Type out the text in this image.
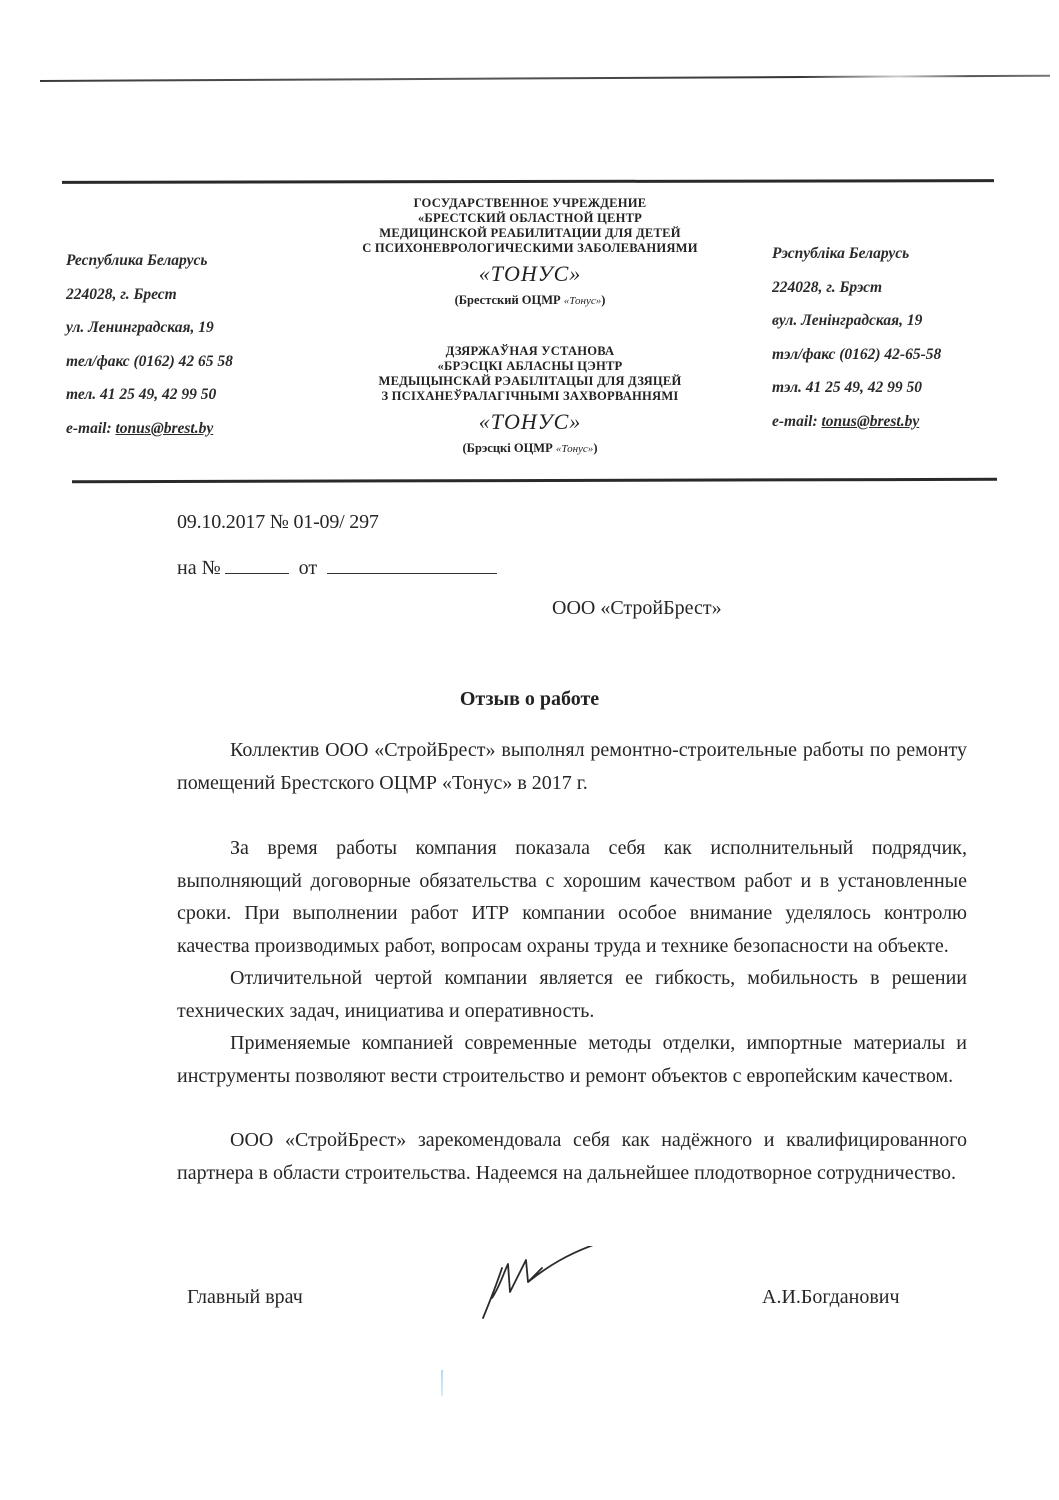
Республика Беларусь
224028, г. Брест
ул. Ленинградская, 19
тел/факс (0162) 42 65 58
тел. 41 25 49, 42 99 50
e-mail: tonus@brest.by
ГОСУДАРСТВЕННОЕ УЧРЕЖДЕНИЕ
«БРЕСТСКИЙ ОБЛАСТНОЙ ЦЕНТР
МЕДИЦИНСКОЙ РЕАБИЛИТАЦИИ ДЛЯ ДЕТЕЙ
С ПСИХОНЕВРОЛОГИЧЕСКИМИ ЗАБОЛЕВАНИЯМИ
«ТОНУС»
(Брестский ОЦМР «Тонус»)
ДЗЯРЖАЎНАЯ УСТАНОВА
«БРЭСЦКІ АБЛАСНЫ ЦЭНТР
МЕДЫЦЫНСКАЙ РЭАБІЛІТАЦЫІ ДЛЯ ДЗЯЦЕЙ
З ПСІХАНЕЎРАЛАГІЧНЫМІ ЗАХВОРВАННЯМІ
«ТОНУС»
(Брэсцкі ОЦМР «Тонус»)
Рэспубліка Беларусь
224028, г. Брэст
вул. Ленінградская, 19
тэл/факс (0162) 42-65-58
тэл. 41 25 49, 42 99 50
e-mail: tonus@brest.by
09.10.2017 № 01-09/ 297
на №	от
ООО «СтройБрест»
Отзыв о работе

Коллектив ООО «СтройБрест» выполнял ремонтно-строительные работы по ремонту помещений Брестского ОЦМР «Тонус» в 2017 г.

За время работы компания показала себя как исполнительный подрядчик, выполняющий договорные обязательства с хорошим качеством работ и в установленные сроки. При выполнении работ ИТР компании особое внимание уделялось контролю качества производимых работ, вопросам охраны труда и технике безопасности на объекте.

Отличительной чертой компании является ее гибкость, мобильность в решении технических задач, инициатива и оперативность.

Применяемые компанией современные методы отделки, импортные материалы и инструменты позволяют вести строительство и ремонт объектов с европейским качеством.

ООО «СтройБрест» зарекомендовала себя как надёжного и квалифицированного партнера в области строительства. Надеемся на дальнейшее плодотворное сотрудничество.

Главный врач	А.И.Богданович
